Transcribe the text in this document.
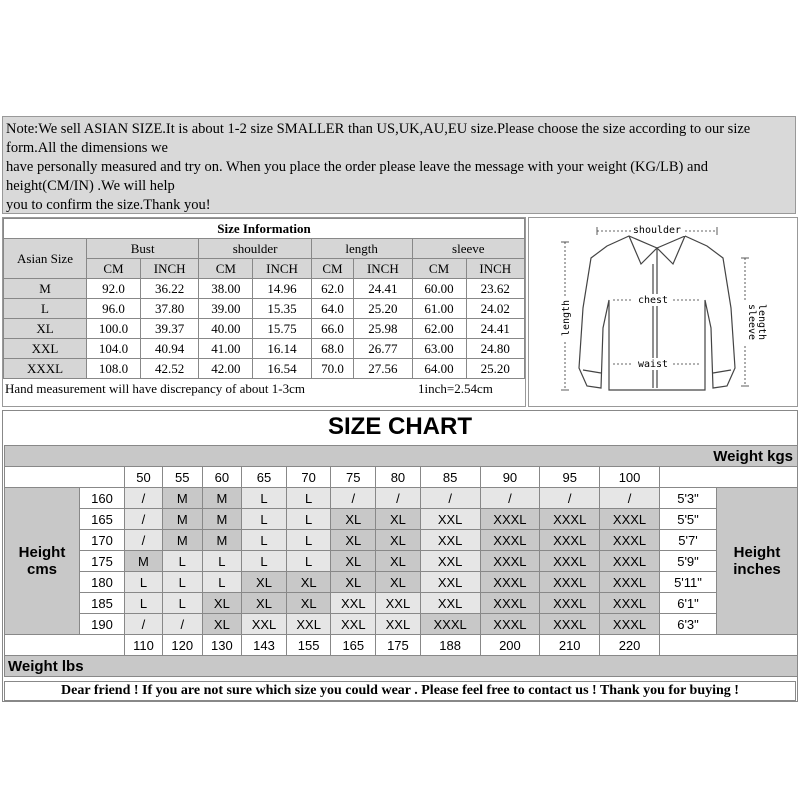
Note:We sell ASIAN SIZE.It is about 1-2 size SMALLER than US,UK,AU,EU size.Please choose the size according to our size
form.All the dimensions we
have personally measured and try on. When you place the order please leave the message with your weight (KG/LB) and
height(CM/IN) .We will help
you to confirm the size.Thank you!
Size Information								
Asian Size	Bust		shoulder		length		sleeve	
	CM	INCH	CM	INCH	CM	INCH	CM	INCH
M	92.0	36.22	38.00	14.96	62.0	24.41	60.00	23.62
L	96.0	37.80	39.00	15.35	64.0	25.20	61.00	24.02
XL	100.0	39.37	40.00	15.75	66.0	25.98	62.00	24.41
XXL	104.0	40.94	41.00	16.14	68.0	26.77	63.00	24.80
XXXL	108.0	42.52	42.00	16.54	70.0	27.56	64.00	25.20
Hand measurement will have discrepancy of about 1-3cm	1inch=2.54cm
shoulder
chest
waist
length	sleeve length
SIZE CHART
Weight kgs														
		50	55	60	65	70	75	80	85	90	95	100		
Height
cms	160	/	M	M	L	L	/	/	/	/	/	/	5'3"	Height
inches
	165	/	M	M	L	L	XL	XL	XXL	XXXL	XXXL	XXXL	5'5"	
	170	/	M	M	L	L	XL	XL	XXL	XXXL	XXXL	XXXL	5'7'	
	175	M	L	L	L	L	XL	XL	XXL	XXXL	XXXL	XXXL	5'9"	
	180	L	L	L	XL	XL	XL	XL	XXL	XXXL	XXXL	XXXL	5'11"	
	185	L	L	XL	XL	XL	XXL	XXL	XXL	XXXL	XXXL	XXXL	6'1"	
	190	/	/	XL	XXL	XXL	XXL	XXL	XXXL	XXXL	XXXL	XXXL	6'3"	
		110	120	130	143	155	165	175	188	200	210	220		
Weight lbs														
Dear friend ! If you are not sure which size you could wear . Please feel free to contact us ! Thank you for buying !
